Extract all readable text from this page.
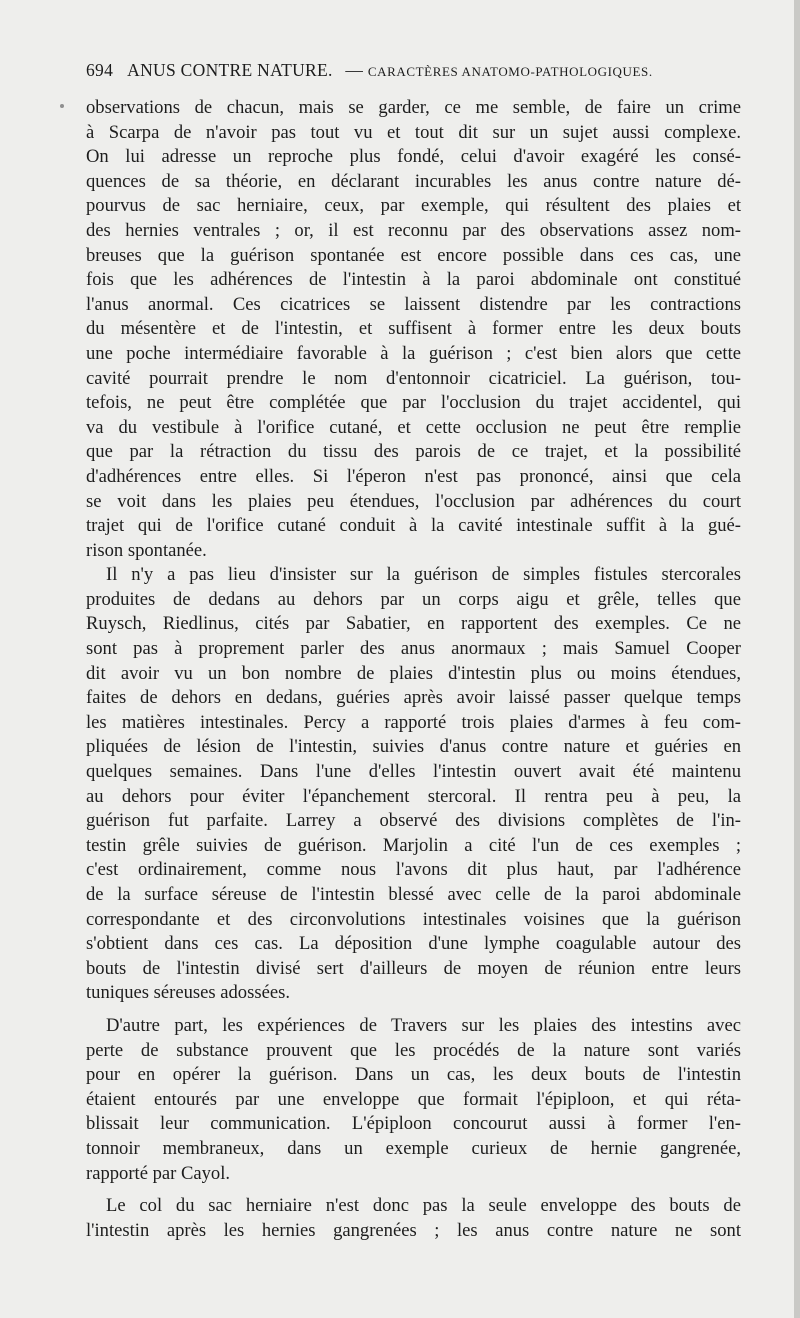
694 ANUS CONTRE NATURE. — CARACTÈRES ANATOMO-PATHOLOGIQUES.
observations de chacun, mais se garder, ce me semble, de faire un crime
à Scarpa de n'avoir pas tout vu et tout dit sur un sujet aussi complexe.
On lui adresse un reproche plus fondé, celui d'avoir exagéré les consé-
quences de sa théorie, en déclarant incurables les anus contre nature dé-
pourvus de sac herniaire, ceux, par exemple, qui résultent des plaies et
des hernies ventrales ; or, il est reconnu par des observations assez nom-
breuses que la guérison spontanée est encore possible dans ces cas, une
fois que les adhérences de l'intestin à la paroi abdominale ont constitué
l'anus anormal. Ces cicatrices se laissent distendre par les contractions
du mésentère et de l'intestin, et suffisent à former entre les deux bouts
une poche intermédiaire favorable à la guérison ; c'est bien alors que cette
cavité pourrait prendre le nom d'entonnoir cicatriciel. La guérison, tou-
tefois, ne peut être complétée que par l'occlusion du trajet accidentel, qui
va du vestibule à l'orifice cutané, et cette occlusion ne peut être remplie
que par la rétraction du tissu des parois de ce trajet, et la possibilité
d'adhérences entre elles. Si l'éperon n'est pas prononcé, ainsi que cela
se voit dans les plaies peu étendues, l'occlusion par adhérences du court
trajet qui de l'orifice cutané conduit à la cavité intestinale suffit à la gué-
rison spontanée.
Il n'y a pas lieu d'insister sur la guérison de simples fistules stercorales
produites de dedans au dehors par un corps aigu et grêle, telles que
Ruysch, Riedlinus, cités par Sabatier, en rapportent des exemples. Ce ne
sont pas à proprement parler des anus anormaux ; mais Samuel Cooper
dit avoir vu un bon nombre de plaies d'intestin plus ou moins étendues,
faites de dehors en dedans, guéries après avoir laissé passer quelque temps
les matières intestinales. Percy a rapporté trois plaies d'armes à feu com-
pliquées de lésion de l'intestin, suivies d'anus contre nature et guéries en
quelques semaines. Dans l'une d'elles l'intestin ouvert avait été maintenu
au dehors pour éviter l'épanchement stercoral. Il rentra peu à peu, la
guérison fut parfaite. Larrey a observé des divisions complètes de l'in-
testin grêle suivies de guérison. Marjolin a cité l'un de ces exemples ;
c'est ordinairement, comme nous l'avons dit plus haut, par l'adhérence
de la surface séreuse de l'intestin blessé avec celle de la paroi abdominale
correspondante et des circonvolutions intestinales voisines que la guérison
s'obtient dans ces cas. La déposition d'une lymphe coagulable autour des
bouts de l'intestin divisé sert d'ailleurs de moyen de réunion entre leurs
tuniques séreuses adossées.
D'autre part, les expériences de Travers sur les plaies des intestins avec
perte de substance prouvent que les procédés de la nature sont variés
pour en opérer la guérison. Dans un cas, les deux bouts de l'intestin
étaient entourés par une enveloppe que formait l'épiploon, et qui réta-
blissait leur communication. L'épiploon concourut aussi à former l'en-
tonnoir membraneux, dans un exemple curieux de hernie gangrenée,
rapporté par Cayol.
Le col du sac herniaire n'est donc pas la seule enveloppe des bouts de
l'intestin après les hernies gangrenées ; les anus contre nature ne sont
